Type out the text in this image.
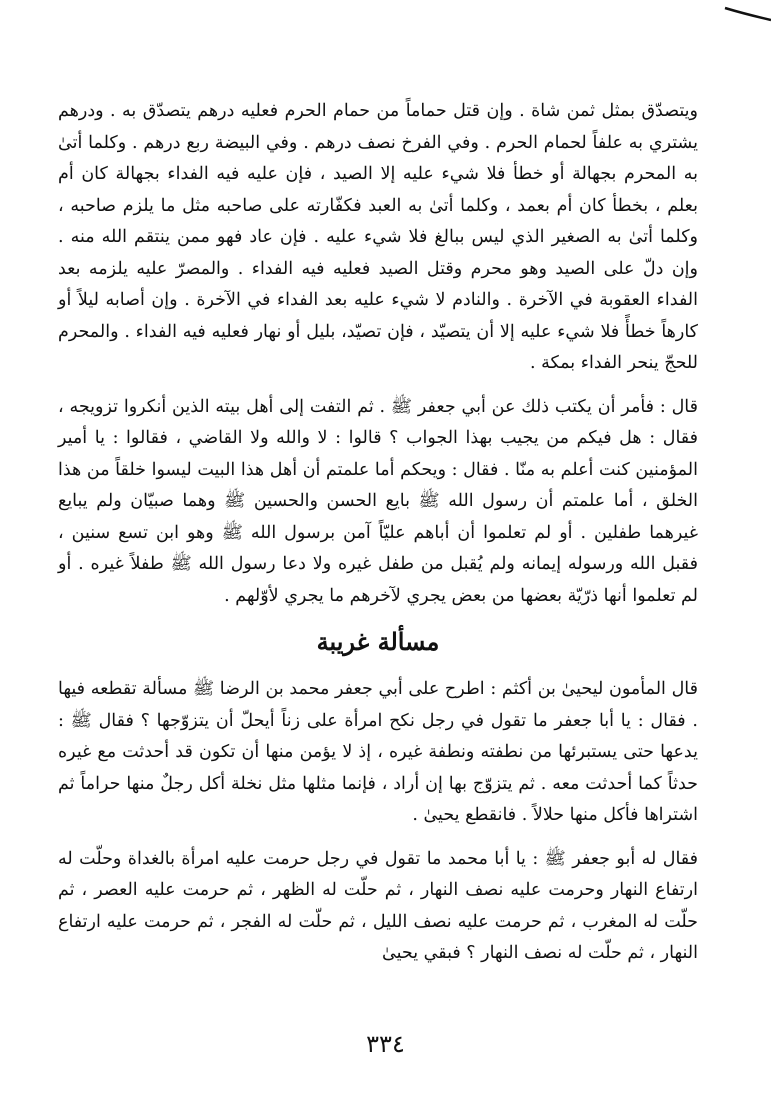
ويتصدّق بمثل ثمن شاة . وإن قتل حماماً من حمام الحرم فعليه درهم يتصدّق به . ودرهم يشتري به علفاً لحمام الحرم . وفي الفرخ نصف درهم . وفي البيضة ربع درهم . وكلما أتىٰ به المحرم بجهالة أو خطأ فلا شيء عليه إلا الصيد ، فإن عليه فيه الفداء بجهالة كان أم بعلم ، بخطأ كان أم بعمد ، وكلما أتىٰ به العبد فكفّارته على صاحبه مثل ما يلزم صاحبه ، وكلما أتىٰ به الصغير الذي ليس ببالغ فلا شيء عليه . فإن عاد فهو ممن ينتقم الله منه . وإن دلّ على الصيد وهو محرم وقتل الصيد فعليه فيه الفداء . والمصرّ عليه يلزمه بعد الفداء العقوبة في الآخرة . والنادم لا شيء عليه بعد الفداء في الآخرة . وإن أصابه ليلاً أو كارهاً خطأً فلا شيء عليه إلا أن يتصيّد ، فإن تصيّد، بليل أو نهار فعليه فيه الفداء . والمحرم للحجّ ينحر الفداء بمكة .

قال : فأمر أن يكتب ذلك عن أبي جعفر ﷺ . ثم التفت إلى أهل بيته الذين أنكروا تزويجه ، فقال : هل فيكم من يجيب بهذا الجواب ؟ قالوا : لا والله ولا القاضي ، فقالوا : يا أمير المؤمنين كنت أعلم به منّا . فقال : ويحكم أما علمتم أن أهل هذا البيت ليسوا خلقاً من هذا الخلق ، أما علمتم أن رسول الله ﷺ بايع الحسن والحسين ﷺ وهما صبيّان ولم يبايع غيرهما طفلين . أو لم تعلموا أن أباهم عليّاً آمن برسول الله ﷺ وهو ابن تسع سنين ، فقبل الله ورسوله إيمانه ولم يُقبل من طفل غيره ولا دعا رسول الله ﷺ طفلاً غيره . أو لم تعلموا أنها ذرّيّة بعضها من بعض يجري لآخرهم ما يجري لأوّلهم .

مسألة غريبة

قال المأمون ليحيىٰ بن أكثم : اطرح على أبي جعفر محمد بن الرضا ﷺ مسألة تقطعه فيها . فقال : يا أبا جعفر ما تقول في رجل نكح امرأة على زناً أيحلّ أن يتزوّجها ؟ فقال ﷺ : يدعها حتى يستبرئها من نطفته ونطفة غيره ، إذ لا يؤمن منها أن تكون قد أحدثت مع غيره حدثاً كما أحدثت معه . ثم يتزوّج بها إن أراد ، فإنما مثلها مثل نخلة أكل رجلٌ منها حراماً ثم اشتراها فأكل منها حلالاً . فانقطع يحيىٰ .

فقال له أبو جعفر ﷺ : يا أبا محمد ما تقول في رجل حرمت عليه امرأة بالغداة وحلّت له ارتفاع النهار وحرمت عليه نصف النهار ، ثم حلّت له الظهر ، ثم حرمت عليه العصر ، ثم حلّت له المغرب ، ثم حرمت عليه نصف الليل ، ثم حلّت له الفجر ، ثم حرمت عليه ارتفاع النهار ، ثم حلّت له نصف النهار ؟ فبقي يحيىٰ

٣٣٤
